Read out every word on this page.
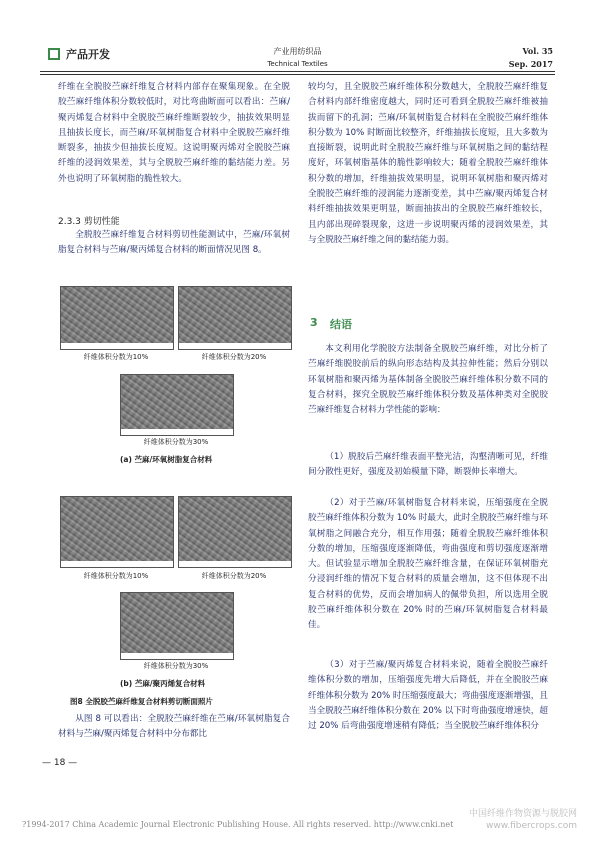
产品开发	产业用纺织品
Technical Textiles
Vol. 35
Sep. 2017

纤维在全脱胶苎麻纤维复合材料内部存在聚集现象。在全脱胶苎麻纤维体积分数较低时，对比弯曲断面可以看出：苎麻/聚丙烯复合材料中全脱胶苎麻纤维断裂较少，抽拔效果明显且抽拔长度长，而苎麻/环氧树脂复合材料中全脱胶苎麻纤维断裂多，抽拔少但抽拔长度短。这说明聚丙烯对全脱胶苎麻纤维的浸润效果差，其与全脱胶苎麻纤维的黏结能力差。另外也说明了环氧树脂的脆性较大。

2.3.3 剪切性能

全脱胶苎麻纤维复合材料剪切性能测试中，苎麻/环氧树脂复合材料与苎麻/聚丙烯复合材料的断面情况见图 8。

纤维体积分数为10%	纤维体积分数为20%
纤维体积分数为30%
(a) 苎麻/环氧树脂复合材料
纤维体积分数为10%	纤维体积分数为20%
纤维体积分数为30%
(b) 苎麻/聚丙烯复合材料
图8 全脱胶苎麻纤维复合材料剪切断面照片

从图 8 可以看出：全脱胶苎麻纤维在苎麻/环氧树脂复合材料与苎麻/聚丙烯复合材料中分布都比

— 18 —

较均匀，且全脱胶苎麻纤维体积分数越大，全脱胶苎麻纤维复合材料内部纤维密度越大，同时还可看到全脱胶苎麻纤维被抽拔而留下的孔洞；苎麻/环氧树脂复合材料在全脱胶苎麻纤维体积分数为 10% 时断面比较整齐，纤维抽拔长度短，且大多数为直接断裂，说明此时全脱胶苎麻纤维与环氧树脂之间的黏结程度好，环氧树脂基体的脆性影响较大；随着全脱胶苎麻纤维体积分数的增加，纤维抽拔效果明显，说明环氧树脂和聚丙烯对全脱胶苎麻纤维的浸润能力逐渐变差，其中苎麻/聚丙烯复合材料纤维抽拔效果更明显，断面抽拔出的全脱胶苎麻纤维较长，且内部出现碎裂现象，这进一步说明聚丙烯的浸润效果差，其与全脱胶苎麻纤维之间的黏结能力弱。

3 结语

本文利用化学脱胶方法制备全脱胶苎麻纤维，对比分析了苎麻纤维脱胶前后的纵向形态结构及其拉伸性能；然后分别以环氧树脂和聚丙烯为基体制备全脱胶苎麻纤维体积分数不同的复合材料，探究全脱胶苎麻纤维体积分数及基体种类对全脱胶苎麻纤维复合材料力学性能的影响：

（1）脱胶后苎麻纤维表面平整光洁，沟壑清晰可见，纤维间分散性更好，强度及初始模量下降，断裂伸长率增大。

（2）对于苎麻/环氧树脂复合材料来说，压缩强度在全脱胶苎麻纤维体积分数为 10% 时最大，此时全脱胶苎麻纤维与环氧树脂之间融合充分，相互作用强；随着全脱胶苎麻纤维体积分数的增加，压缩强度逐渐降低，弯曲强度和剪切强度逐渐增大。但试验显示增加全脱胶苎麻纤维含量，在保证环氧树脂充分浸润纤维的情况下复合材料的质量会增加，这不但体现不出复合材料的优势，反而会增加病人的佩带负担，所以选用全脱胶苎麻纤维体积分数在 20% 时的苎麻/环氧树脂复合材料最佳。

（3）对于苎麻/聚丙烯复合材料来说，随着全脱胶苎麻纤维体积分数的增加，压缩强度先增大后降低，并在全脱胶苎麻纤维体积分数为 20% 时压缩强度最大；弯曲强度逐渐增强，且当全脱胶苎麻纤维体积分数在 20% 以下时弯曲强度增速快，超过 20% 后弯曲强度增速稍有降低；当全脱胶苎麻纤维体积分

?1994-2017 China Academic Journal Electronic Publishing House. All rights reserved. http://www.cnki.net
中国纤维作物资源与脱胶网
www.fibercrops.com
